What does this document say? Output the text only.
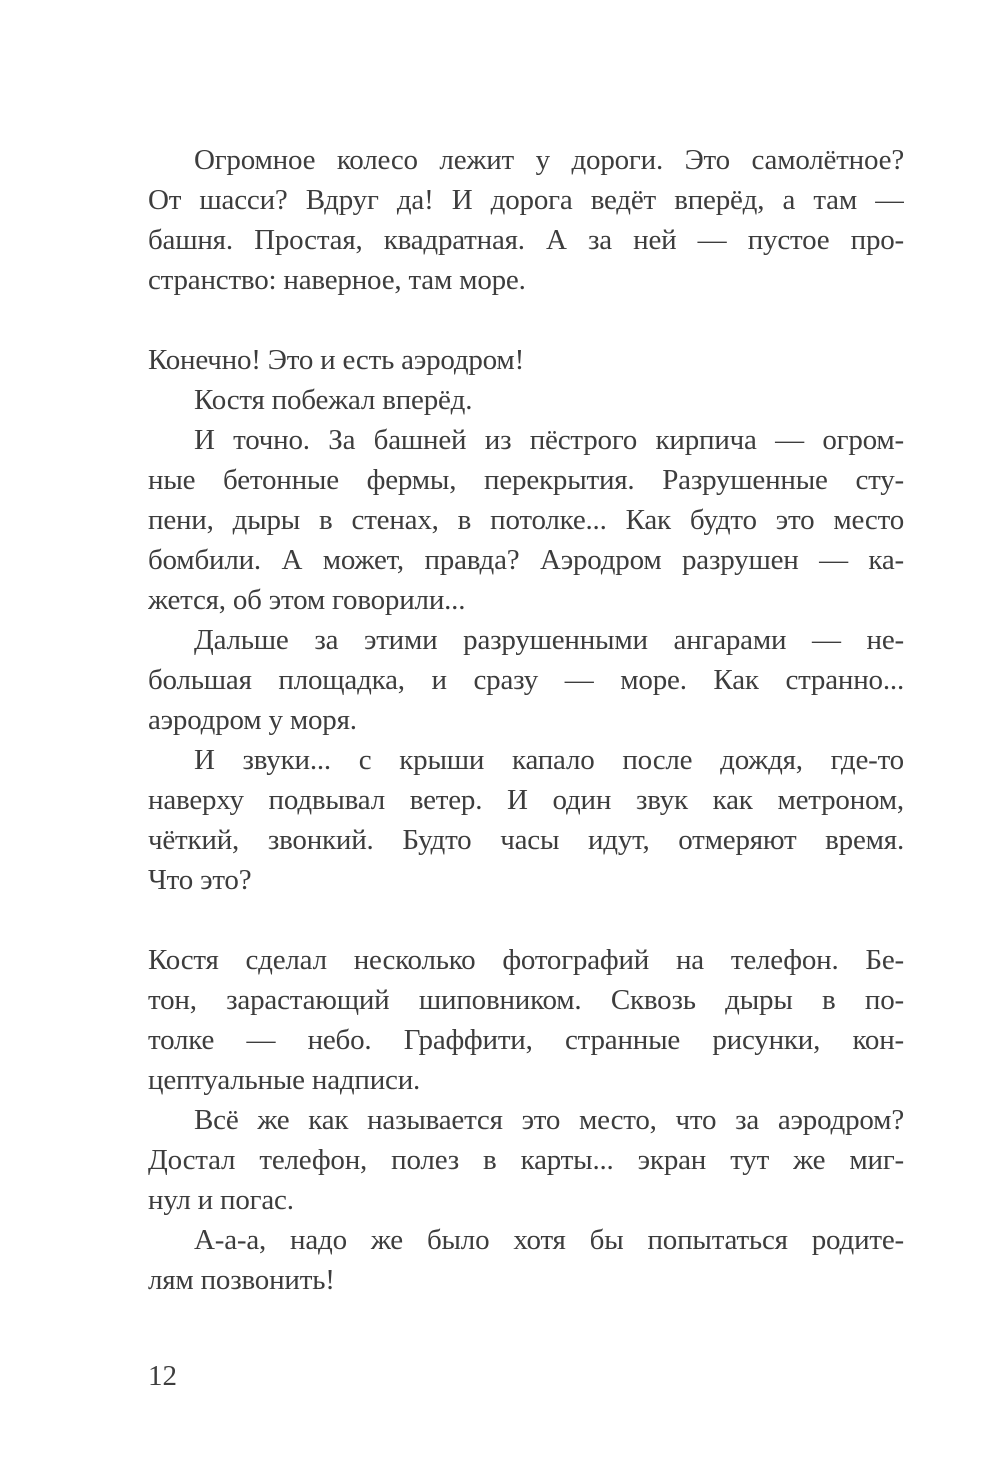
Огромное колесо лежит у дороги. Это самолётное?
От шасси? Вдруг да! И дорога ведёт вперёд, а там —
башня. Простая, квадратная. А за ней — пустое про-
странство: наверное, там море.

Конечно! Это и есть аэродром!

Костя побежал вперёд.

И точно. За башней из пёстрого кирпича — огром-
ные бетонные фермы, перекрытия. Разрушенные сту-
пени, дыры в стенах, в потолке... Как будто это место
бомбили. А может, правда? Аэродром разрушен — ка-
жется, об этом говорили...

Дальше за этими разрушенными ангарами — не-
большая площадка, и сразу — море. Как странно...
аэродром у моря.

И звуки... с крыши капало после дождя, где-то
наверху подвывал ветер. И один звук как метроном,
чёткий, звонкий. Будто часы идут, отмеряют время.
Что это?

Костя сделал несколько фотографий на телефон. Бе-
тон, зарастающий шиповником. Сквозь дыры в по-
толке — небо. Граффити, странные рисунки, кон-
цептуальные надписи.

Всё же как называется это место, что за аэродром?
Достал телефон, полез в карты... экран тут же миг-
нул и погас.

А-а-а, надо же было хотя бы попытаться родите-
лям позвонить!

12
